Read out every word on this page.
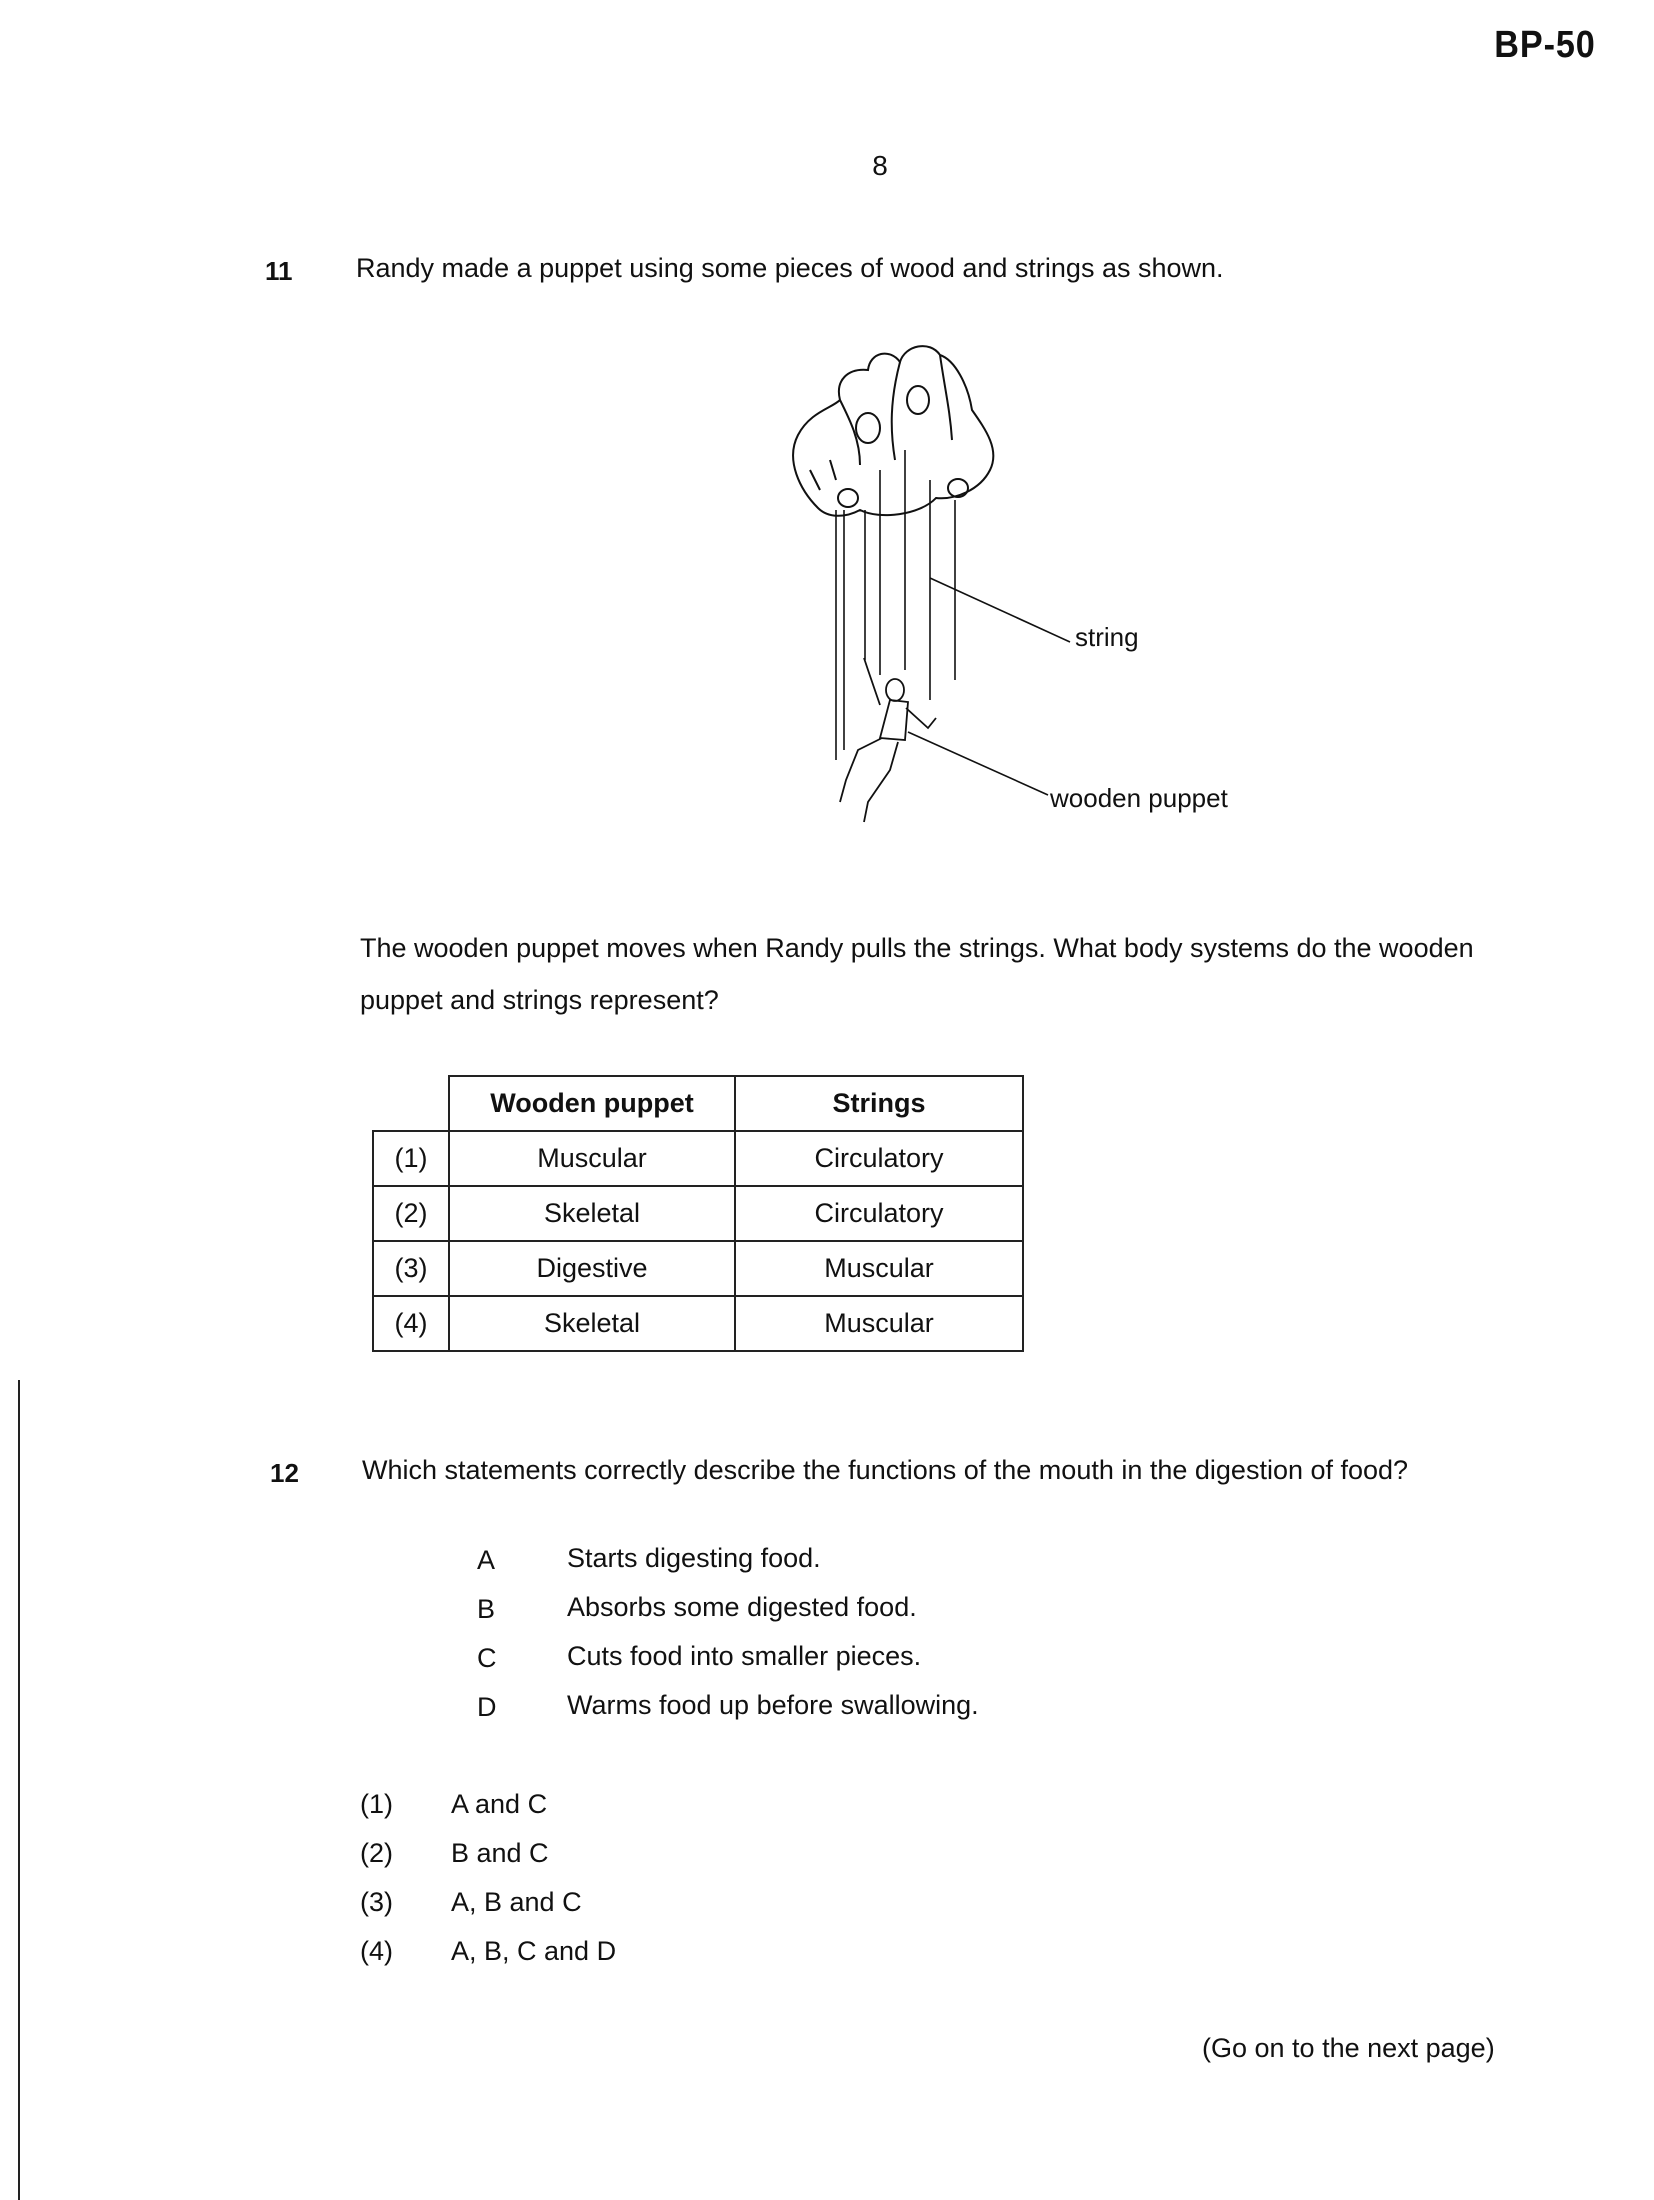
BP-50
8
11 Randy made a puppet using some pieces of wood and strings as shown.
string
wooden puppet
The wooden puppet moves when Randy pulls the strings. What body systems do the wooden puppet and strings represent?
	Wooden puppet	Strings
(1)	Muscular	Circulatory
(2)	Skeletal	Circulatory
(3)	Digestive	Muscular
(4)	Skeletal	Muscular
12 Which statements correctly describe the functions of the mouth in the digestion of food?
A	Starts digesting food.
B	Absorbs some digested food.
C	Cuts food into smaller pieces.
D	Warms food up before swallowing.
(1) A and C
(2) B and C
(3) A, B and C
(4) A, B, C and D
(Go on to the next page)
